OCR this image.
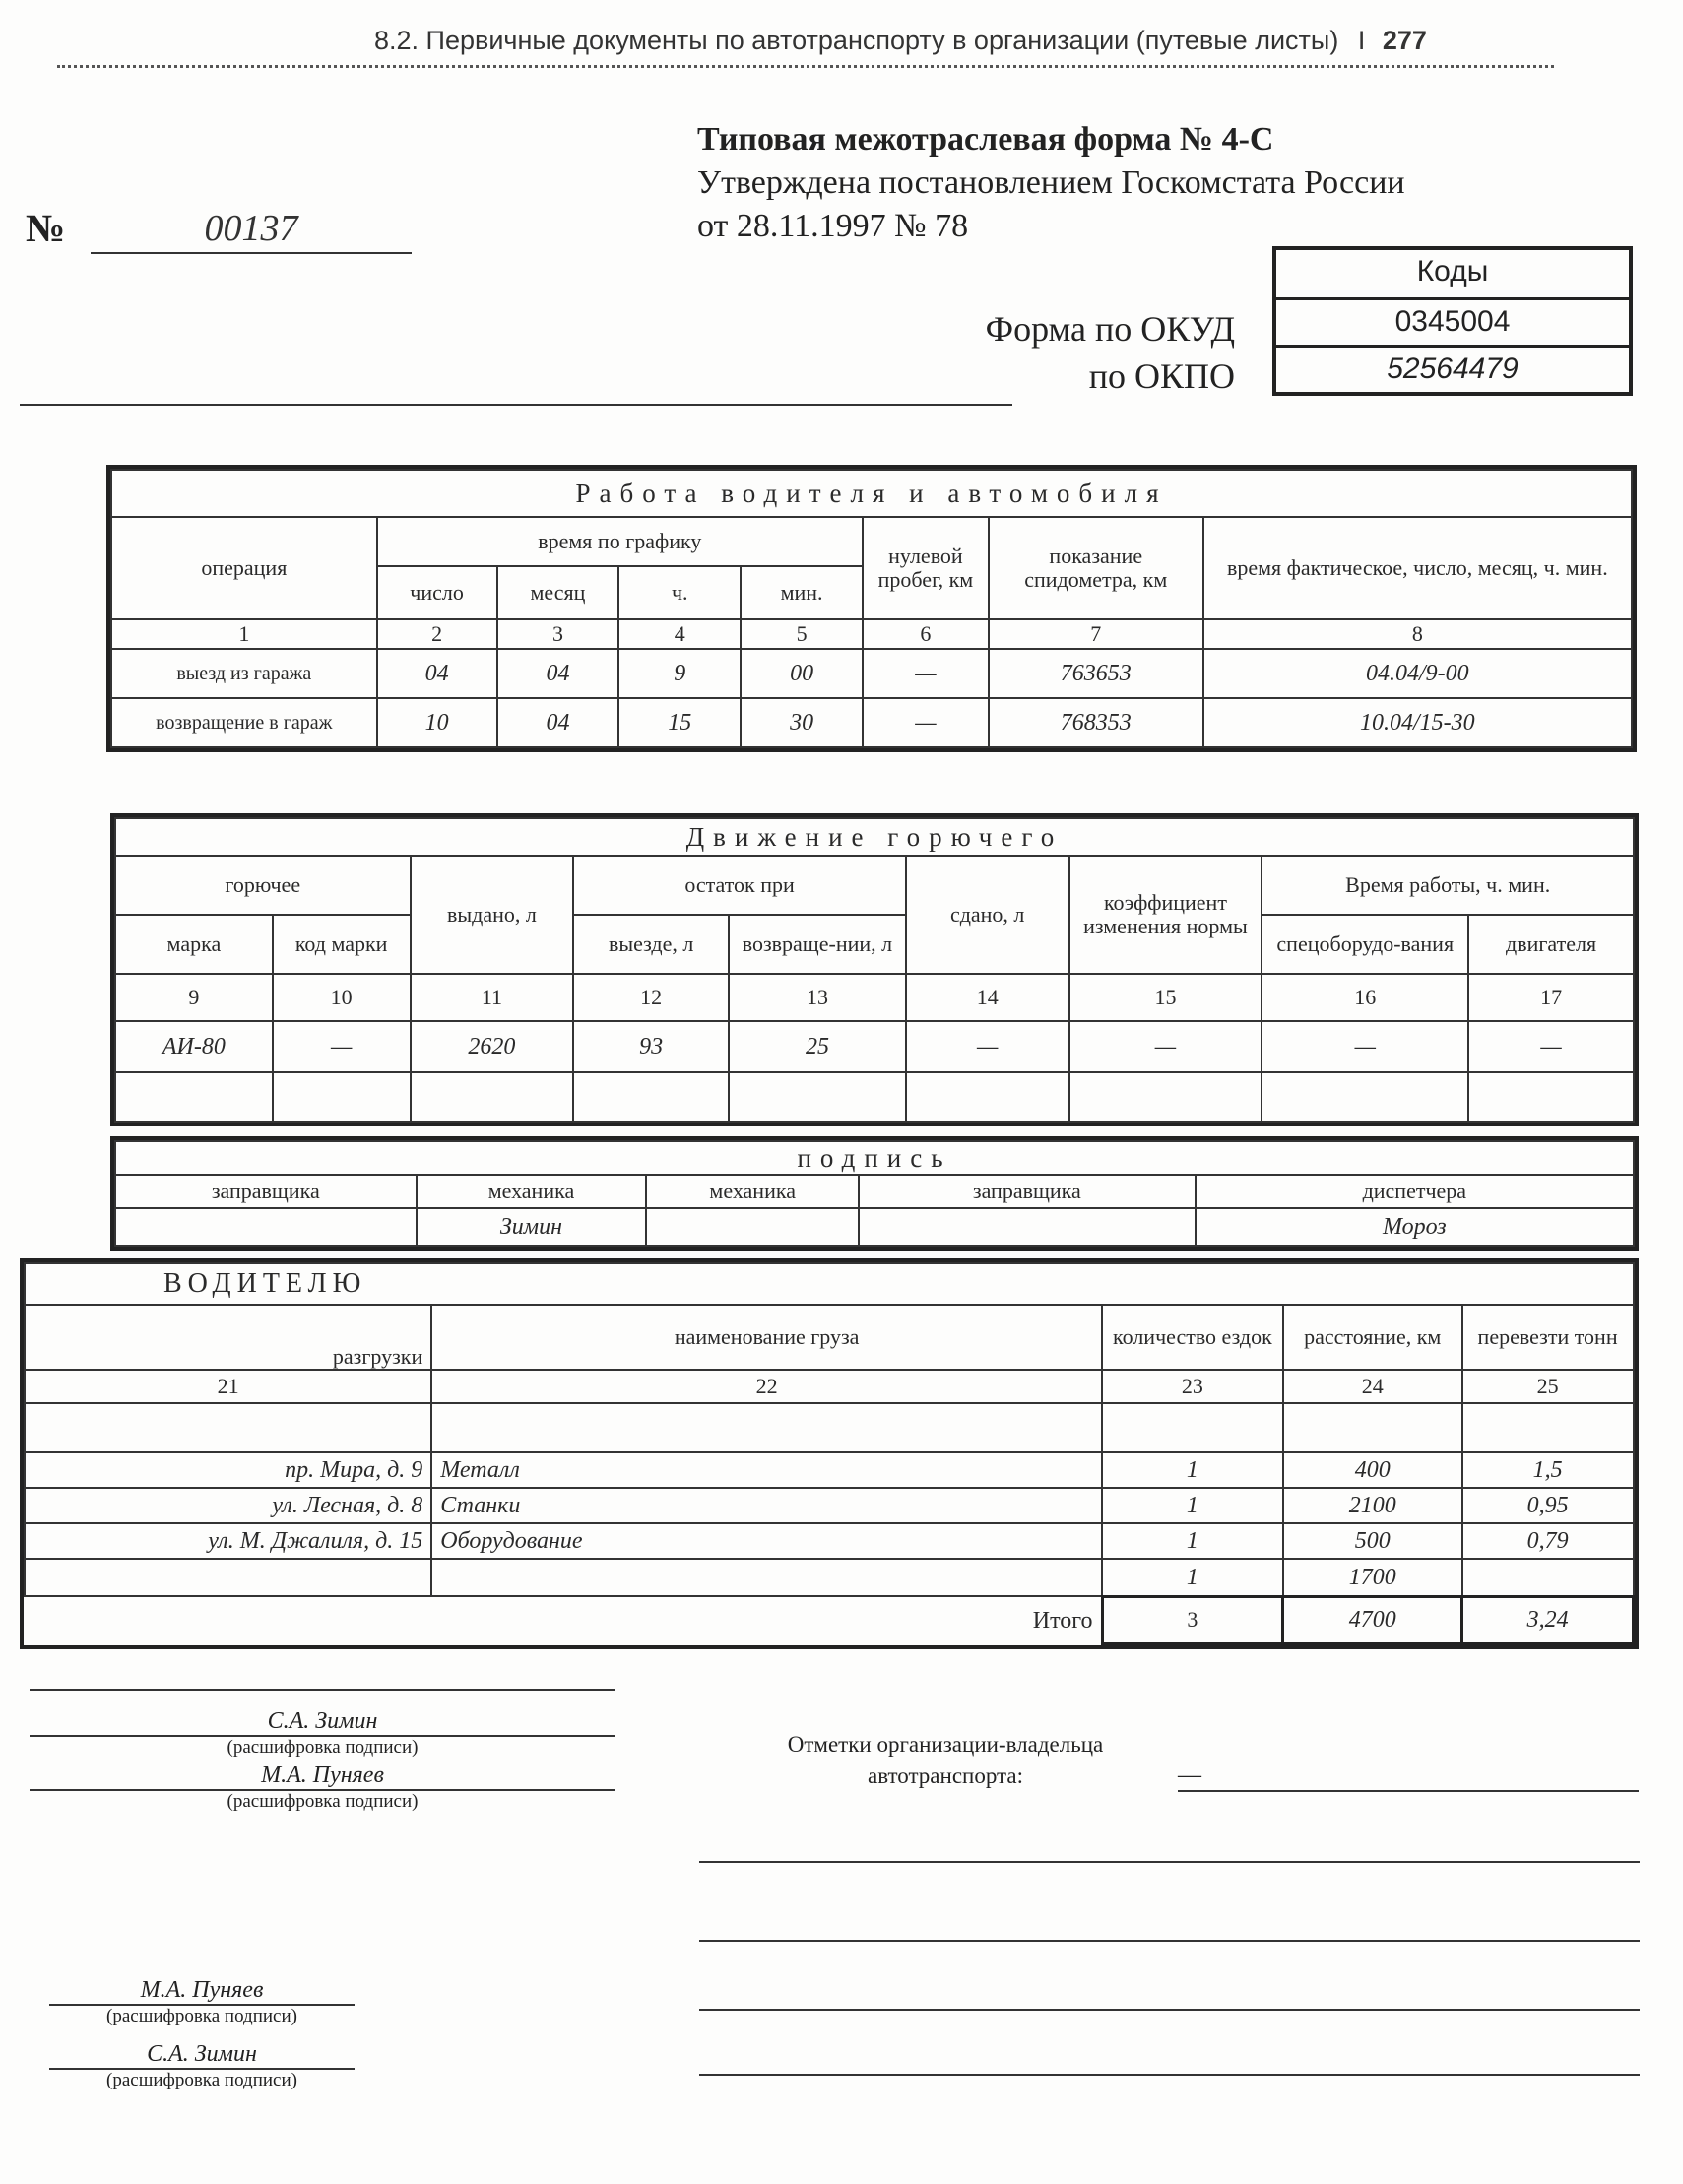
8.2. Первичные документы по автотранспорту в организации (путевые листы) I 277
Типовая межотраслевая форма № 4-С
Утверждена постановлением Госкомстата России
от 28.11.1997 № 78
№	00137
Форма по ОКУД
по ОКПО
Коды
0345004
52564479
Работа водителя и автомобиля							
операция	время по графику				нулевой пробег, км	показание спидометра, км	время фактическое, число, месяц, ч. мин.
	число	месяц	ч.	мин.			
1	2	3	4	5	6	7	8
выезд из гаража	04	04	9	00	—	763653	04.04/9-00
возвращение в гараж	10	04	15	30	—	768353	10.04/15-30
Движение горючего								
горючее		выдано, л	остаток при		сдано, л	коэффициент изменения нормы	Время работы, ч. мин.	
марка	код марки		выезде, л	возвраще-нии, л			спецоборудо-вания	двигателя
9	10	11	12	13	14	15	16	17
АИ-80	—	2620	93	25	—	—	—	—

подпись				
заправщика	механика	механика	заправщика	диспетчера
	Зимин			Мороз
ВОДИТЕЛЮ				
разгрузки	наименование груза	количество ездок	расстояние, км	перевезти тонн
21	22	23	24	25

пр. Мира, д. 9	Металл	1	400	1,5
ул. Лесная, д. 8	Станки	1	2100	0,95
ул. М. Джалиля, д. 15	Оборудование	1	500	0,79
		1	1700	
Итого		3	4700	3,24
С.А. Зимин
(расшифровка подписи)
М.А. Пуняев
(расшифровка подписи)
М.А. Пуняев
(расшифровка подписи)
С.А. Зимин
(расшифровка подписи)
Отметки организации-владельца
автотранспорта:	—
